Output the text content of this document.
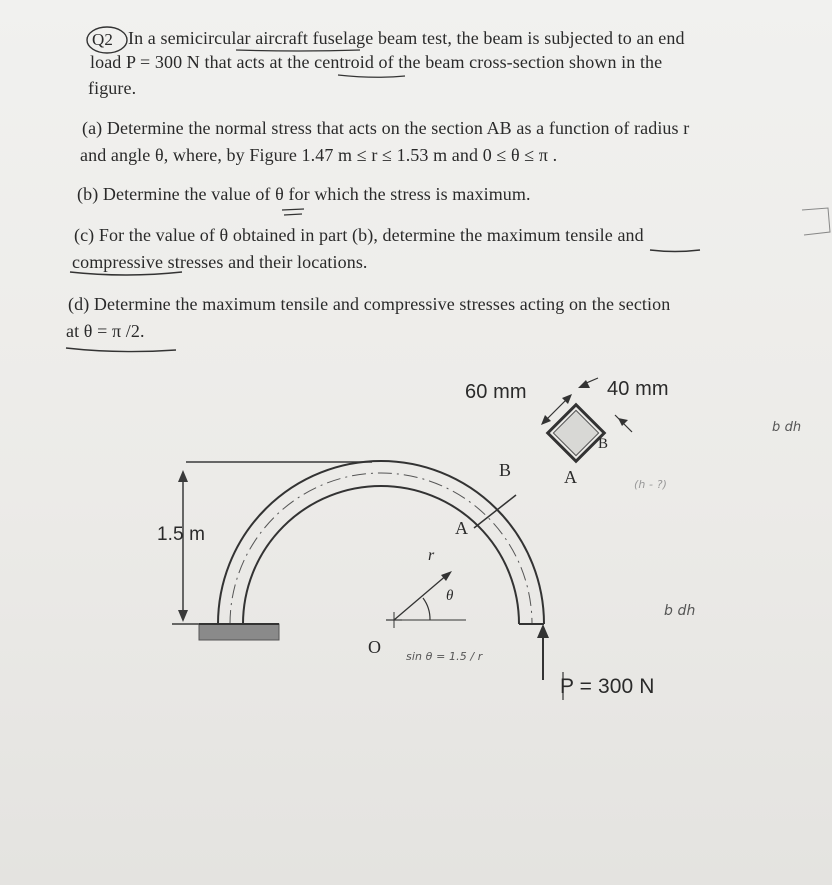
Q2 In a semicircular aircraft fuselage beam test, the beam is subjected to an end
load P = 300 N that acts at the centroid of the beam cross-section shown in the
figure.
(a) Determine the normal stress that acts on the section AB as a function of radius r
and angle θ, where, by Figure 1.47 m ≤ r ≤ 1.53 m and 0 ≤ θ ≤ π .
(b) Determine the value of θ for which the stress is maximum.
(c) For the value of θ obtained in part (b), determine the maximum tensile and
compressive stresses and their locations.
(d) Determine the maximum tensile and compressive stresses acting on the section
at θ = π /2.
60 mm	40 mm
B
1.5 m
B	A
A
r
θ
O
P = 300 N
b dh
b dh
sin θ = 1.5 / r
(h - ?)
